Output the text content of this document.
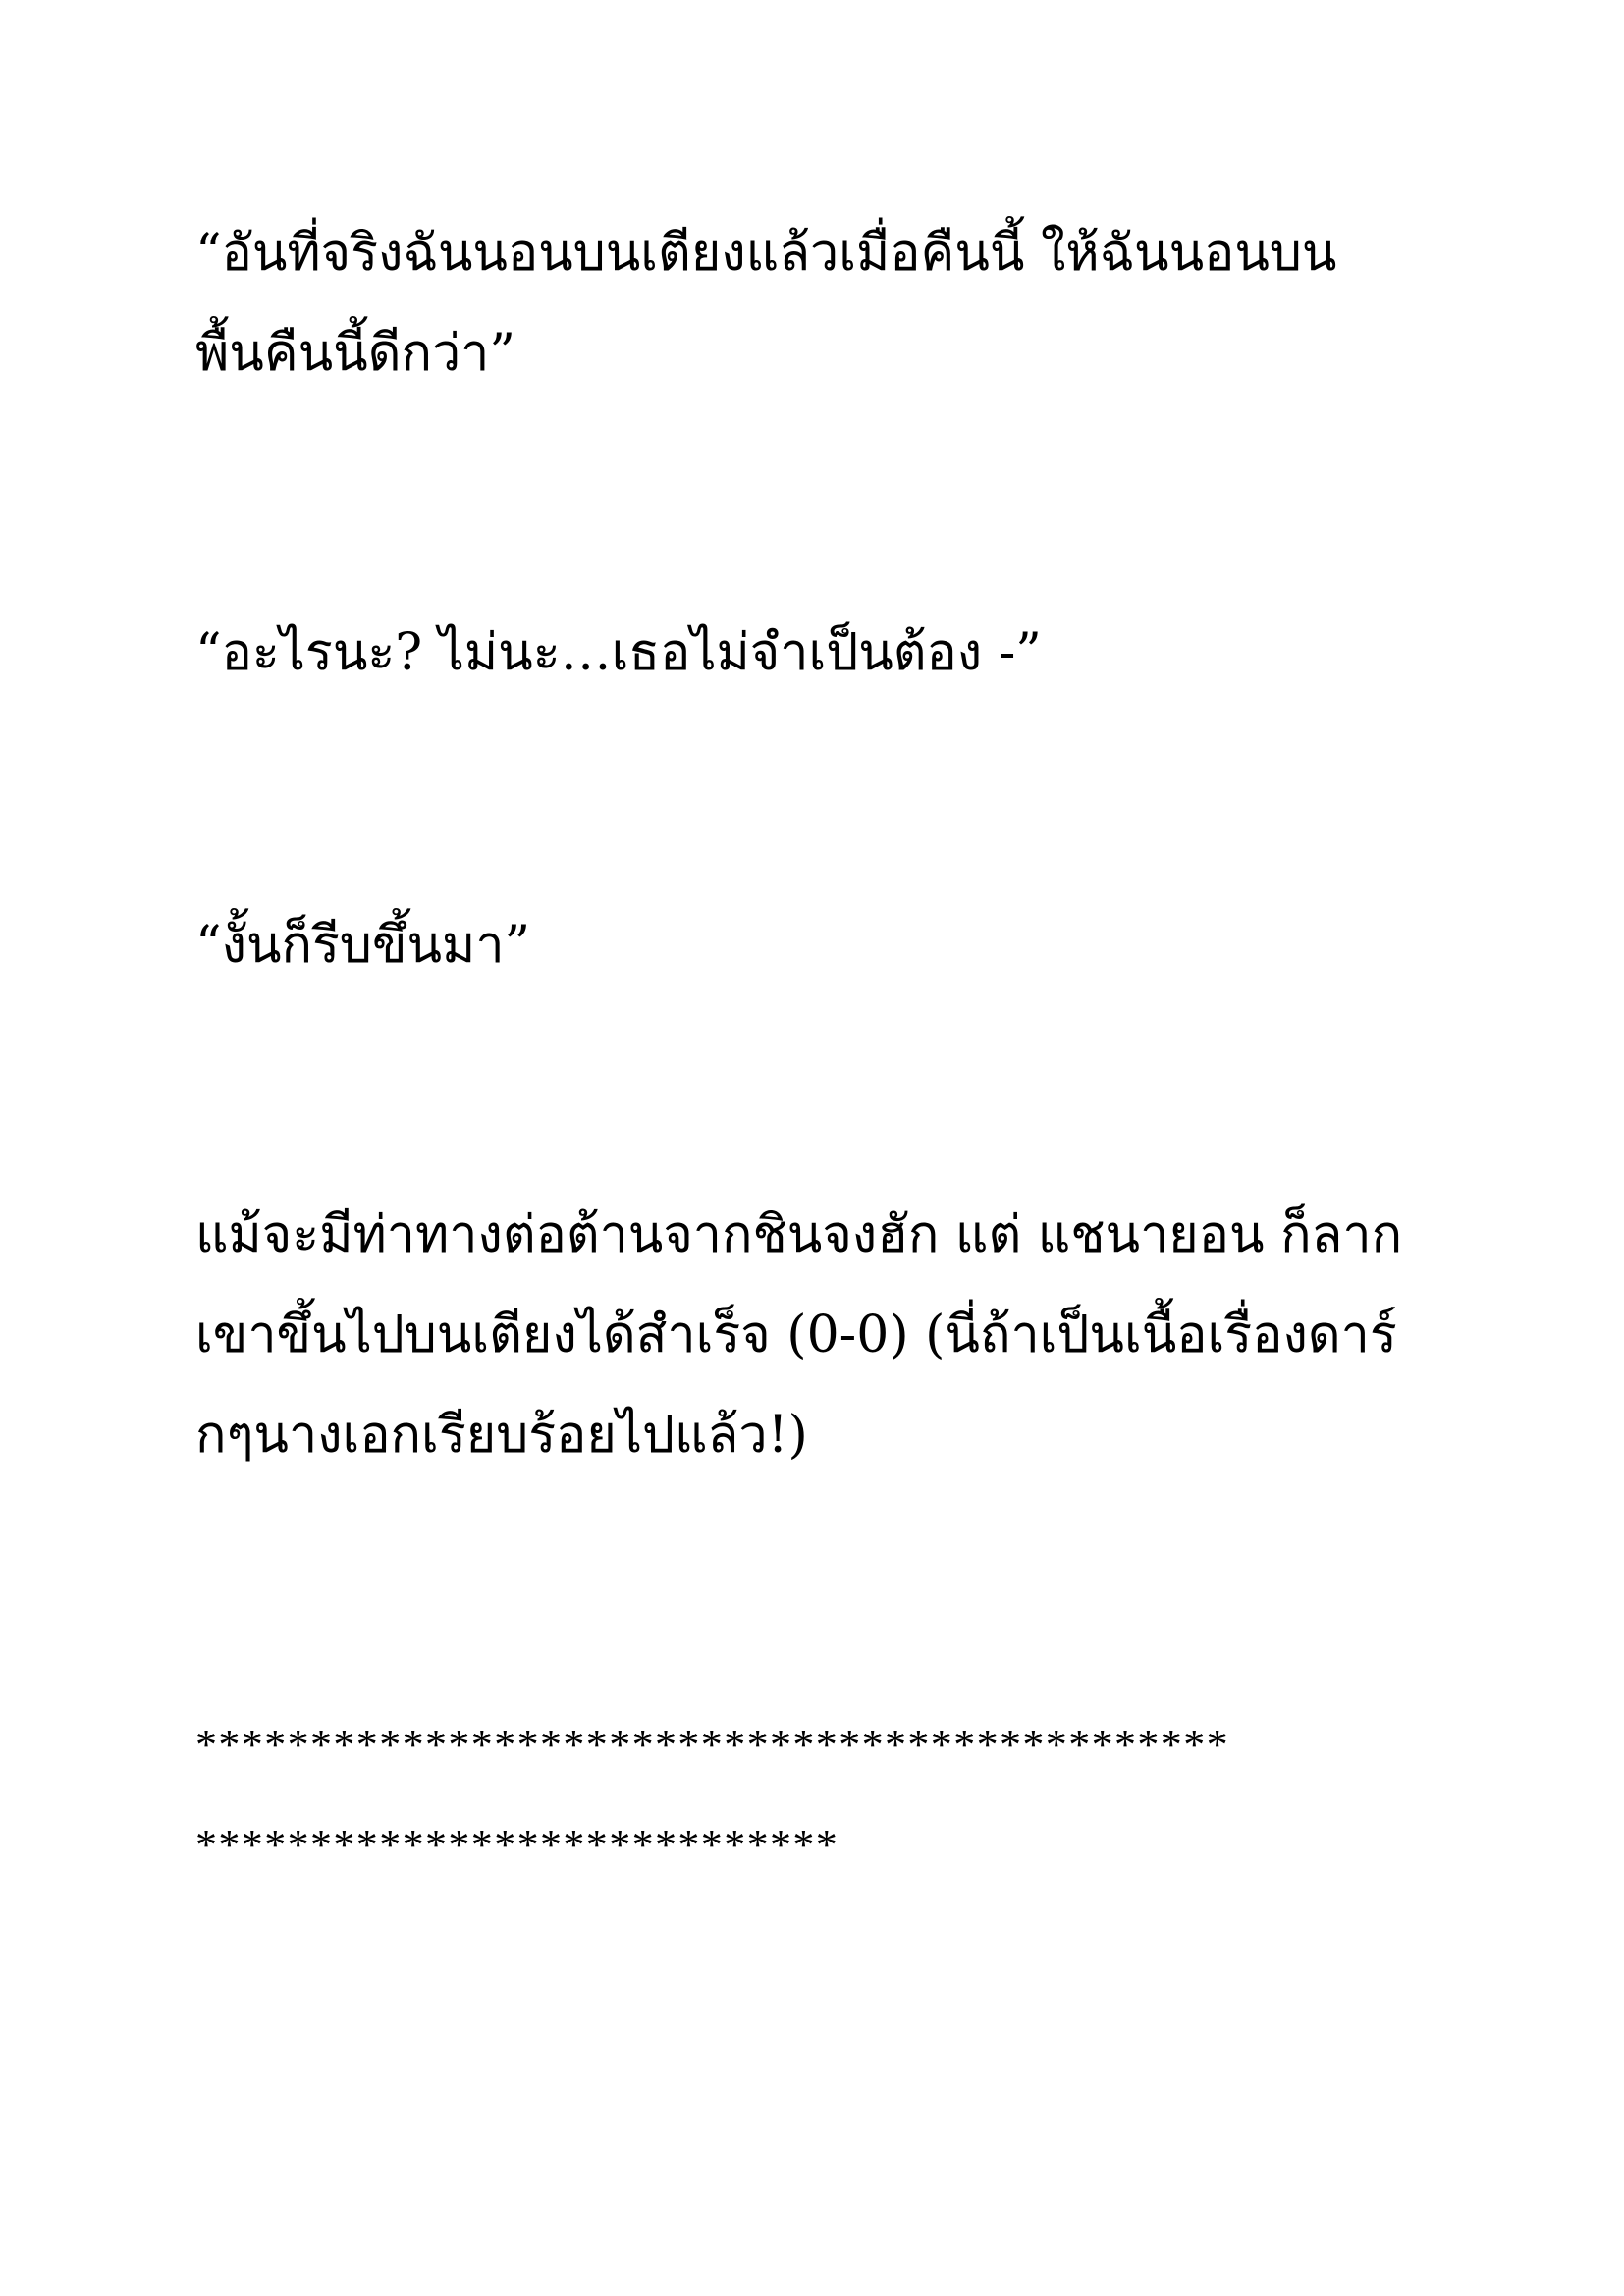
“อันที่จริงฉันนอนบนเตียงแล้วเมื่อคืนนี้ ให้ฉันนอนบน
พื้นคืนนี้ดีกว่า”
“อะไรนะ? ไม่นะ…เธอไม่จำเป็นต้อง -”
“งั้นก็รีบขึ้นมา”
แม้จะมีท่าทางต่อต้านจากชินจงฮัก แต่ แชนายอน ก็ลาก
เขาขึ้นไปบนเตียงได้สำเร็จ (0-0) (นี่ถ้าเป็นเนื้อเรื่องดาร์
กๆนางเอกเรียบร้อยไปแล้ว!)
*********************************************
****************************
